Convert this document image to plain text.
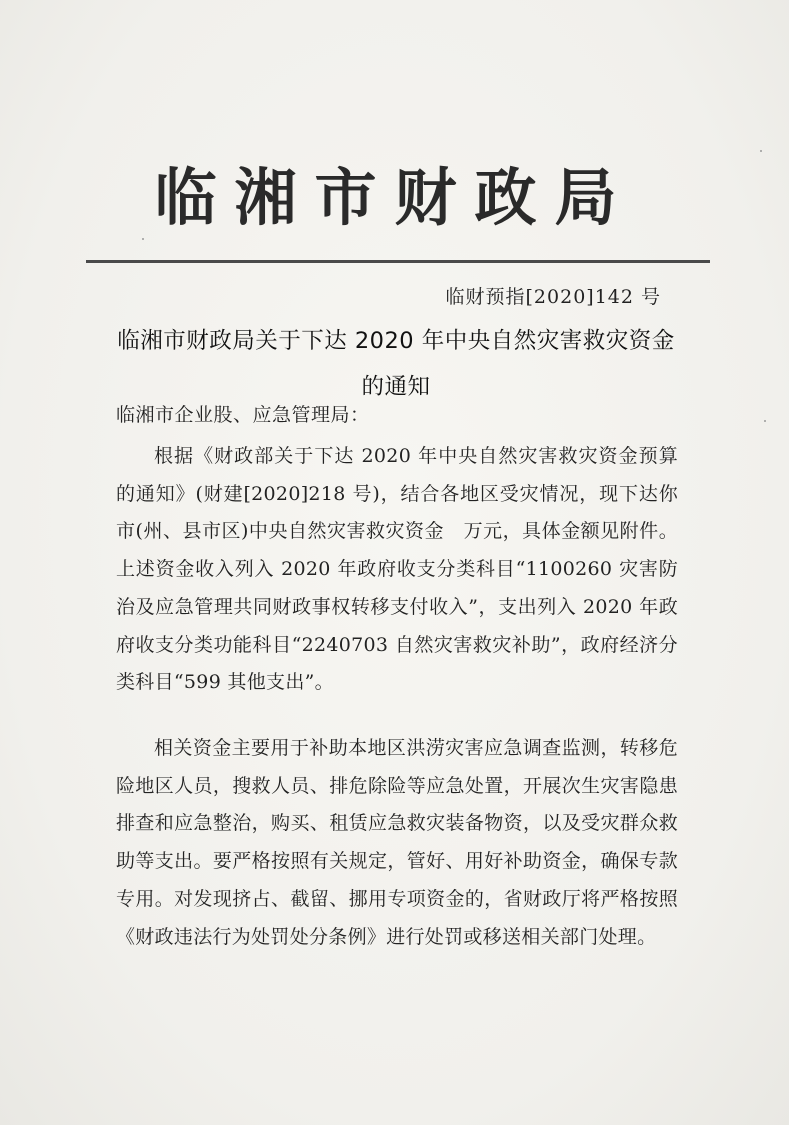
临湘市财政局
临财预指[2020]142 号
临湘市财政局关于下达 2020 年中央自然灾害救灾资金的通知
临湘市企业股、应急管理局：

根据《财政部关于下达 2020 年中央自然灾害救灾资金预算的通知》(财建[2020]218 号)，结合各地区受灾情况，现下达你市(州、县市区)中央自然灾害救灾资金　万元，具体金额见附件。上述资金收入列入 2020 年政府收支分类科目“1100260 灾害防治及应急管理共同财政事权转移支付收入”，支出列入 2020 年政府收支分类功能科目“2240703 自然灾害救灾补助”，政府经济分类科目“599 其他支出”。

相关资金主要用于补助本地区洪涝灾害应急调查监测，转移危险地区人员，搜救人员、排危除险等应急处置，开展次生灾害隐患排查和应急整治，购买、租赁应急救灾装备物资，以及受灾群众救助等支出。要严格按照有关规定，管好、用好补助资金，确保专款专用。对发现挤占、截留、挪用专项资金的，省财政厅将严格按照《财政违法行为处罚处分条例》进行处罚或移送相关部门处理。
